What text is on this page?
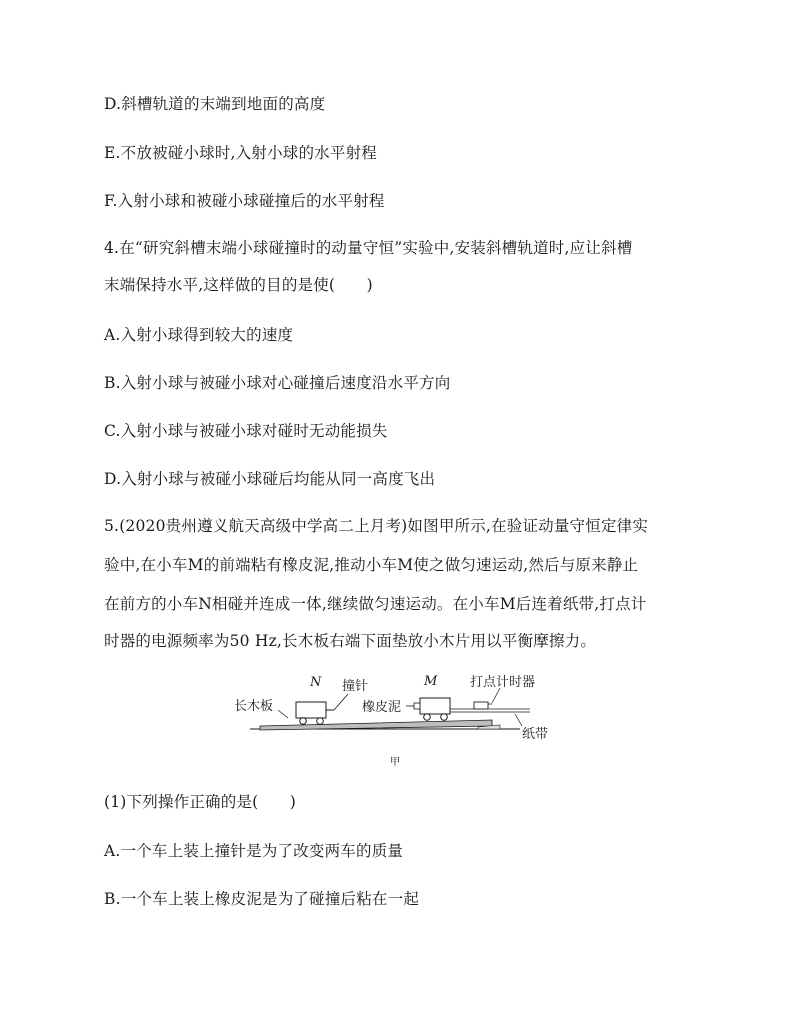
D.斜槽轨道的末端到地面的高度
E.不放被碰小球时,入射小球的水平射程
F.入射小球和被碰小球碰撞后的水平射程
4.在“研究斜槽末端小球碰撞时的动量守恒”实验中,安装斜槽轨道时,应让斜槽
末端保持水平,这样做的目的是使(　　)
A.入射小球得到较大的速度
B.入射小球与被碰小球对心碰撞后速度沿水平方向
C.入射小球与被碰小球对碰时无动能损失
D.入射小球与被碰小球碰后均能从同一高度飞出
5.(2020贵州遵义航天高级中学高二上月考)如图甲所示,在验证动量守恒定律实
验中,在小车M的前端粘有橡皮泥,推动小车M使之做匀速运动,然后与原来静止
在前方的小车N相碰并连成一体,继续做匀速运动。在小车M后连着纸带,打点计
时器的电源频率为50 Hz,长木板右端下面垫放小木片用以平衡摩擦力。
N 撞针	M	打点计时器
长木板	橡皮泥
纸带
甲
(1)下列操作正确的是(　　)
A.一个车上装上撞针是为了改变两车的质量
B.一个车上装上橡皮泥是为了碰撞后粘在一起
